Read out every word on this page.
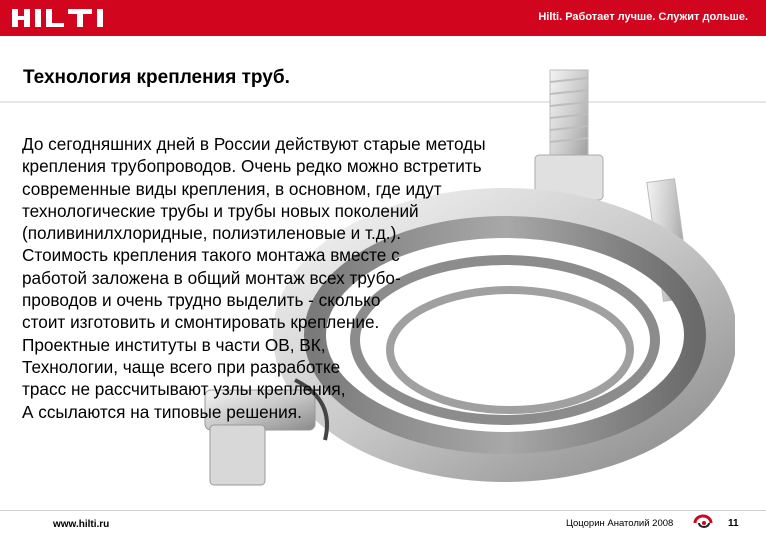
Hilti. Работает лучше. Служит дольше.
Технология крепления труб.

До сегодняшних дней в России действуют старые методы
крепления трубопроводов. Очень редко можно встретить
современные виды крепления, в основном, где идут
технологические трубы и трубы новых поколений
(поливинилхлоридные, полиэтиленовые и т.д.).
Стоимость крепления такого монтажа вместе с
работой заложена в общий монтаж всех трубо-
проводов и очень трудно выделить - сколько
стоит изготовить и смонтировать крепление.
Проектные институты в части ОВ, ВК,
Технологии, чаще всего при разработке
трасс не рассчитывают узлы крепления,
А ссылаются на типовые решения.

www.hilti.ru	Цоцорин Анатолий 2008	11
